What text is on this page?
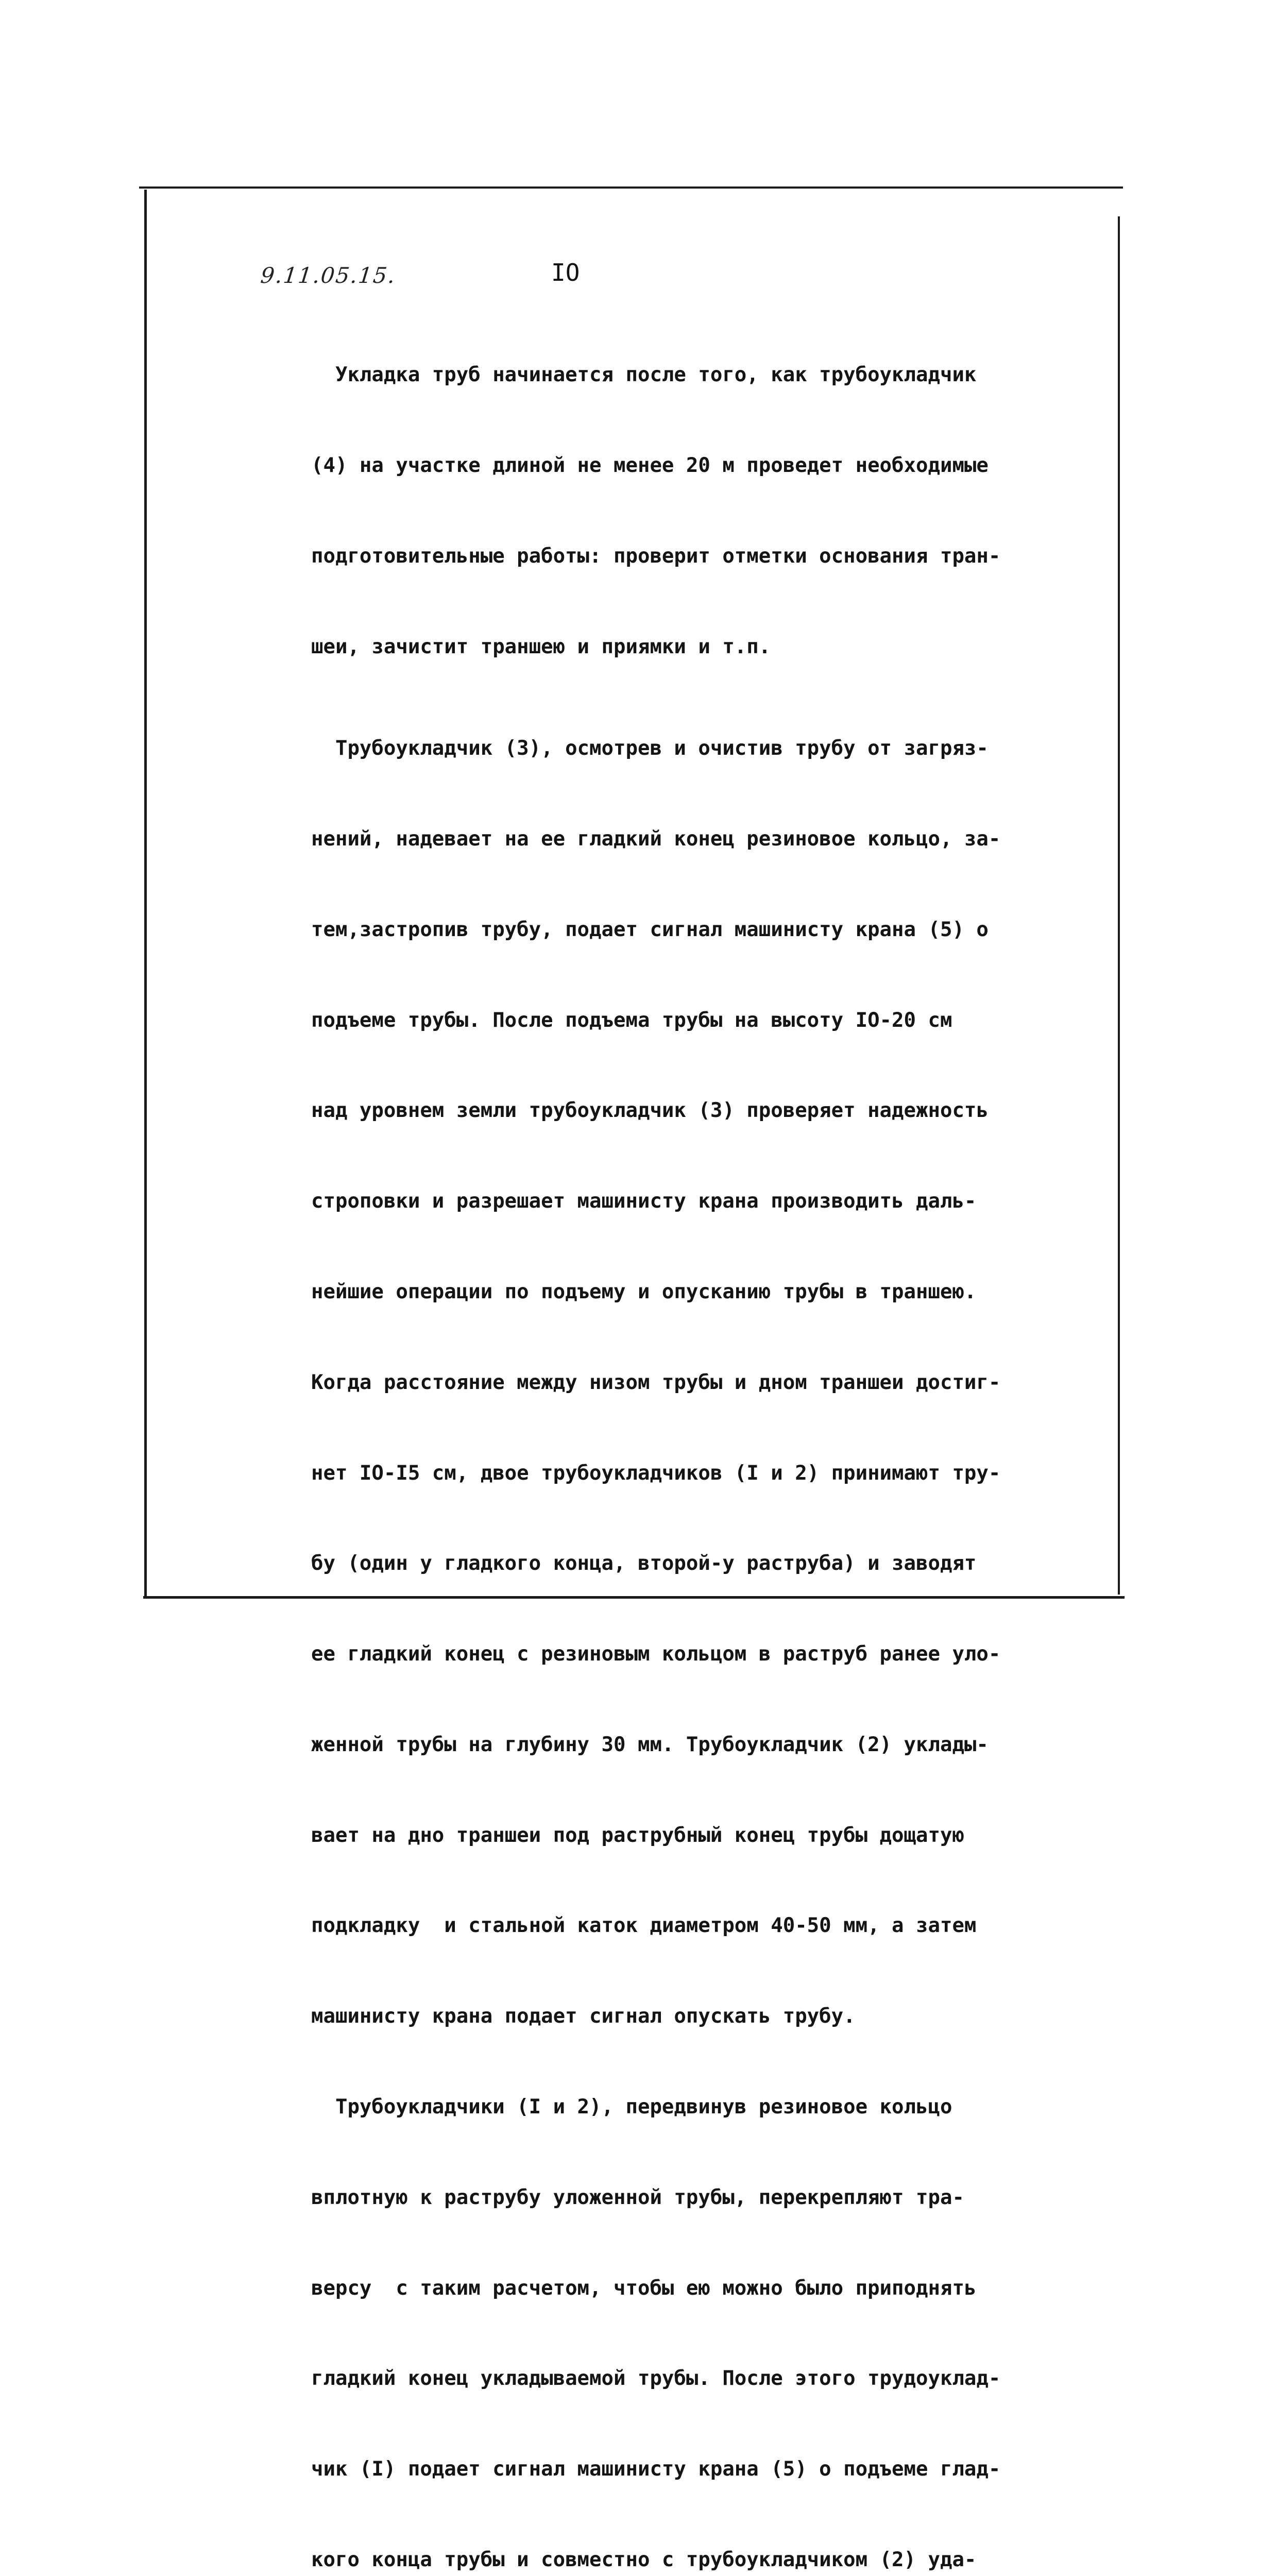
9.11.05.15.	IO

Укладка труб начинается после того, как трубоукладчик

(4) на участке длиной не менее 20 м проведет необходимые

подготовительные работы: проверит отметки основания тран-

шеи, зачистит траншею и приямки и т.п.

Трубоукладчик (3), осмотрев и очистив трубу от загряз-

нений, надевает на ее гладкий конец резиновое кольцо, за-

тем,застропив трубу, подает сигнал машинисту крана (5) о

подъеме трубы. После подъема трубы на высоту IO-20 см

над уровнем земли трубоукладчик (3) проверяет надежность

строповки и разрешает машинисту крана производить даль-

нейшие операции по подъему и опусканию трубы в траншею.

Когда расстояние между низом трубы и дном траншеи достиг-

нет IO-I5 см, двое трубоукладчиков (I и 2) принимают тру-

бу (один у гладкого конца, второй-у раструба) и заводят

ее гладкий конец с резиновым кольцом в раструб ранее уло-

женной трубы на глубину 30 мм. Трубоукладчик (2) уклады-

вает на дно траншеи под раструбный конец трубы дощатую

подкладку  и стальной каток диаметром 40-50 мм, а затем

машинисту крана подает сигнал опускать трубу.

Трубоукладчики (I и 2), передвинув резиновое кольцо

вплотную к раструбу уложенной трубы, перекрепляют тра-

версу  с таким расчетом, чтобы ею можно было приподнять

гладкий конец укладываемой трубы. После этого трудоуклад-

чик (I) подает сигнал машинисту крана (5) о подъеме глад-

кого конца трубы и совместно с трубоукладчиком (2) уда-
